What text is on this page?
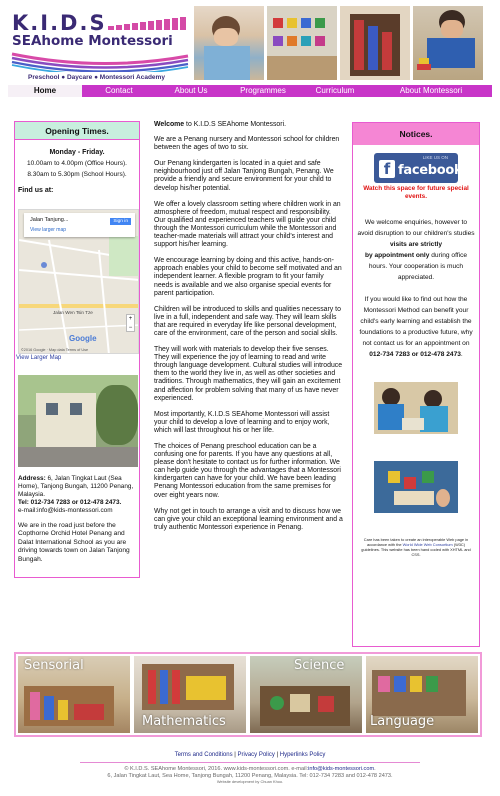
K.I.D.S
SEAhome Montessori
Preschool ● Daycare ● Montessori Academy
Home	Contact	About Us	Programmes	Curriculum	About Montessori
Opening Times.
Monday - Friday.
10.00am to 4.00pm (Office Hours).
8.30am to 5.30pm (School Hours).
Find us at:
Jalan Tanjung...
View larger map
Sign in
Jalan Wen Tsin Tze
+
−
Google
©2016 Google · Map data Terms of Use
View Larger Map
Address: 6, Jalan Tingkat Laut (Sea Home), Tanjong Bungah, 11200 Penang, Malaysia.
Tel: 012-734 7283 or 012-478 2473.
e-mail:info@kids-montessori.com
We are in the road just before the Copthorne Orchid Hotel Penang and Dalat International School as you are driving towards town on Jalan Tanjong Bungah.

Welcome to K.I.D.S SEAhome Montessori.

We are a Penang nursery and Montessori school for children between the ages of two to six.

Our Penang kindergarten is located in a quiet and safe neighbourhood just off Jalan Tanjong Bungah, Penang. We provide a friendly and secure environment for your child to develop his/her potential.

We offer a lovely classroom setting where children work in an atmosphere of freedom, mutual respect and responsibility. Our qualified and experienced teachers will guide your child through the Montessori curriculum while the Montessori and teacher-made materials will attract your child's interest and support his/her learning.

We encourage learning by doing and this active, hands-on-approach enables your child to become self motivated and an independent learner. A flexible program to fit your family needs is available and we also organise special events for parent participation.

Children will be introduced to skills and qualities necessary to live in a full, independent and safe way. They will learn skills that are required in everyday life like personal development, care of the environment, care of the person and social skills.

They will work with materials to develop their five senses. They will experience the joy of learning to read and write through language development. Cultural studies will introduce them to the world they live in, as well as other societies and traditions. Through mathematics, they will gain an excitement and affection for problem solving that many of us have never experienced.

Most importantly, K.I.D.S SEAhome Montessori will assist your child to develop a love of learning and to enjoy work, which will last throughout his or her life.

The choices of Penang preschool education can be a confusing one for parents. If you have any questions at all, please don't hesitate to contact us for further information. We can help guide you through the advantages that a Montessori kindergarten can have for your child. We have been leading Penang Montessori education from the same premises for over eight years now.

Why not get in touch to arrange a visit and to discuss how we can give your child an exceptional learning environment and a truly authentic Montessori experience in Penang.

Notices.
f
LIKE US ON
facebook
Watch this space for future special events.
We welcome enquiries, however to avoid disruption to our children's studies visits are strictly
by appointment only during office hours. Your cooperation is much appreciated.
If you would like to find out how the Montessori Method can benefit your child's early learning and establish the foundations to a productive future, why not contact us for an appointment on 012-734 7283 or 012-478 2473.
Care has been taken to create an interoperable Web page in accordance with the World Wide Web Consortium (W3C) guidelines. This website has been hand coded with XHTML and CSS.
Sensorial
Mathematics
Science
Language
Terms and Conditions | Privacy Policy | Hyperlinks Policy
© K.I.D.S. SEAhome Montessori, 2016. www.kids-montessori.com. e-mail:info@kids-montessori.com.
6, Jalan Tingkat Laut, Sea Home, Tanjong Bungah, 11200 Penang, Malaysia. Tel: 012-734 7283 and 012-478 2473.
Website development by Chuan Khoo.
